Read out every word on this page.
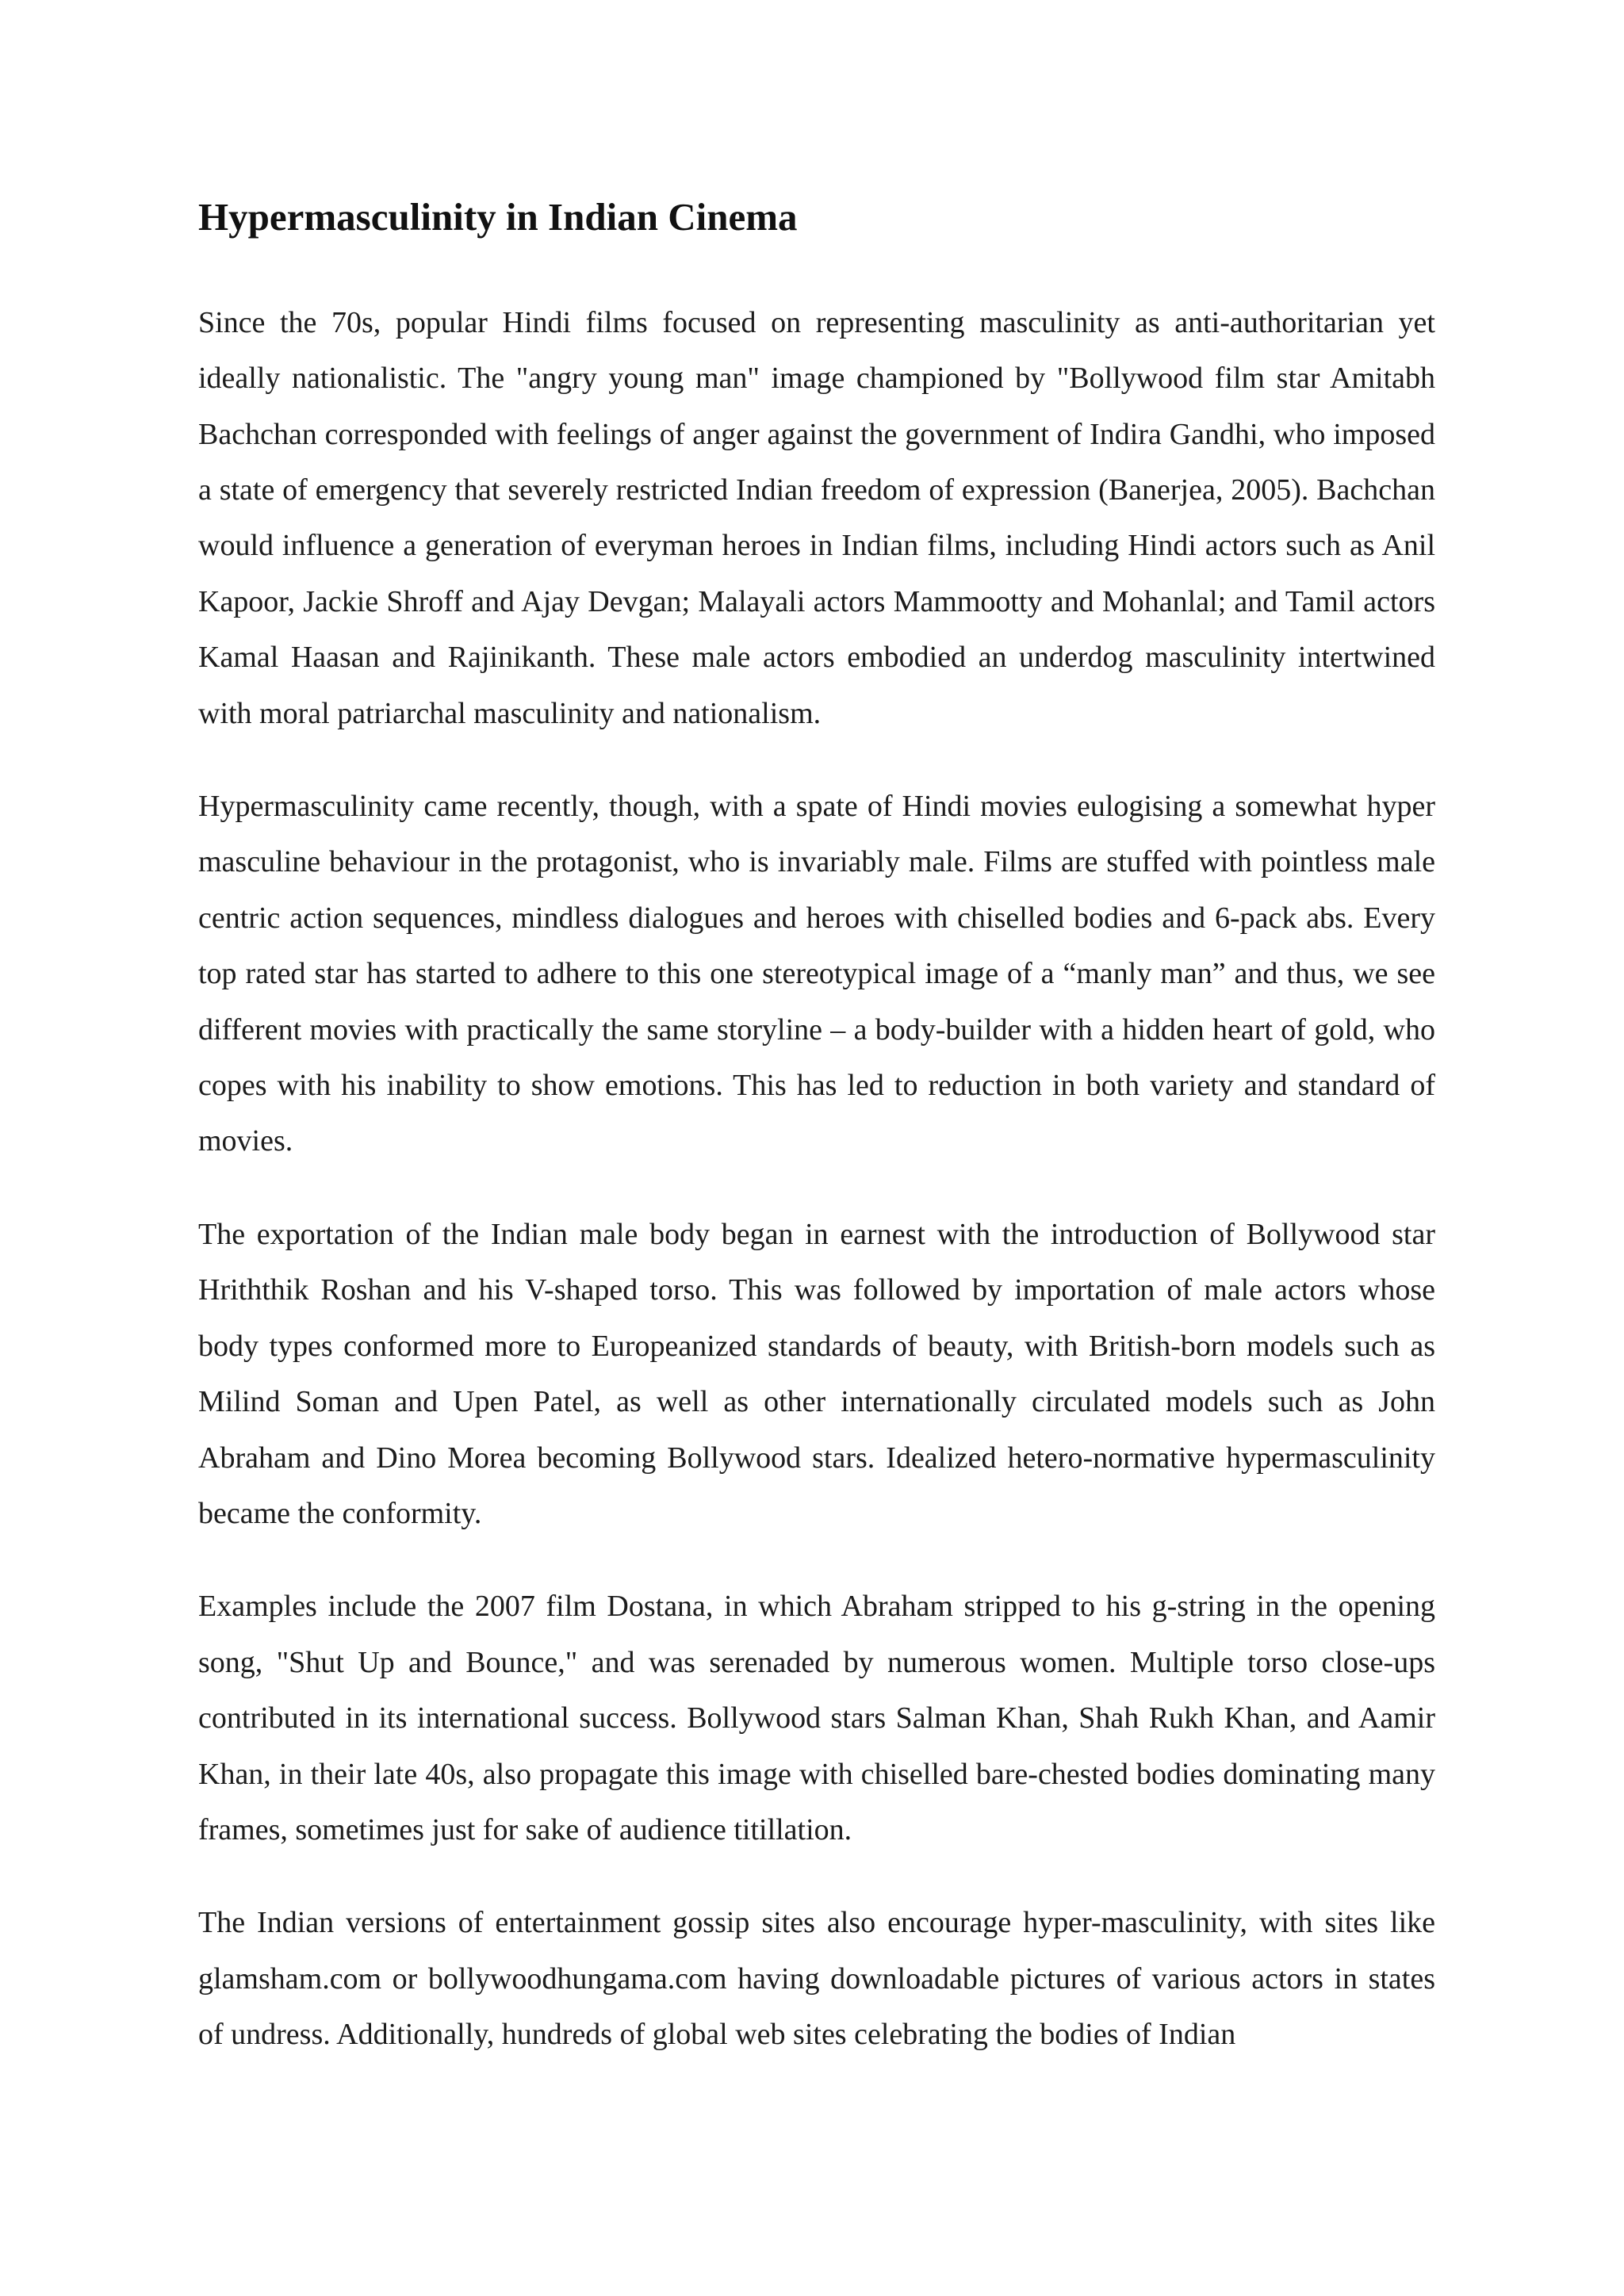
Hypermasculinity in Indian Cinema

Since the 70s, popular Hindi films focused on representing masculinity as anti-authoritarian yet ideally nationalistic. The "angry young man" image championed by "Bollywood film star Amitabh Bachchan corresponded with feelings of anger against the government of Indira Gandhi, who imposed a state of emergency that severely restricted Indian freedom of expression (Banerjea, 2005). Bachchan would influence a generation of everyman heroes in Indian films, including Hindi actors such as Anil Kapoor, Jackie Shroff and Ajay Devgan; Malayali actors Mammootty and Mohanlal; and Tamil actors Kamal Haasan and Rajinikanth. These male actors embodied an underdog masculinity intertwined with moral patriarchal masculinity and nationalism.

Hypermasculinity came recently, though, with a spate of Hindi movies eulogising a somewhat hyper masculine behaviour in the protagonist, who is invariably male. Films are stuffed with pointless male centric action sequences, mindless dialogues and heroes with chiselled bodies and 6-pack abs. Every top rated star has started to adhere to this one stereotypical image of a “manly man” and thus, we see different movies with practically the same storyline – a body-builder with a hidden heart of gold, who copes with his inability to show emotions. This has led to reduction in both variety and standard of movies.

The exportation of the Indian male body began in earnest with the introduction of Bollywood star Hriththik Roshan and his V-shaped torso. This was followed by importation of male actors whose body types conformed more to Europeanized standards of beauty, with British-born models such as Milind Soman and Upen Patel, as well as other internationally circulated models such as John Abraham and Dino Morea becoming Bollywood stars. Idealized hetero-normative hypermasculinity became the conformity.

Examples include the 2007 film Dostana, in which Abraham stripped to his g-string in the opening song, "Shut Up and Bounce," and was serenaded by numerous women. Multiple torso close-ups contributed in its international success. Bollywood stars Salman Khan, Shah Rukh Khan, and Aamir Khan, in their late 40s, also propagate this image with chiselled bare-chested bodies dominating many frames, sometimes just for sake of audience titillation.

The Indian versions of entertainment gossip sites also encourage hyper-masculinity, with sites like glamsham.com or bollywoodhungama.com having downloadable pictures of various actors in states of undress. Additionally, hundreds of global web sites celebrating the bodies of Indian
